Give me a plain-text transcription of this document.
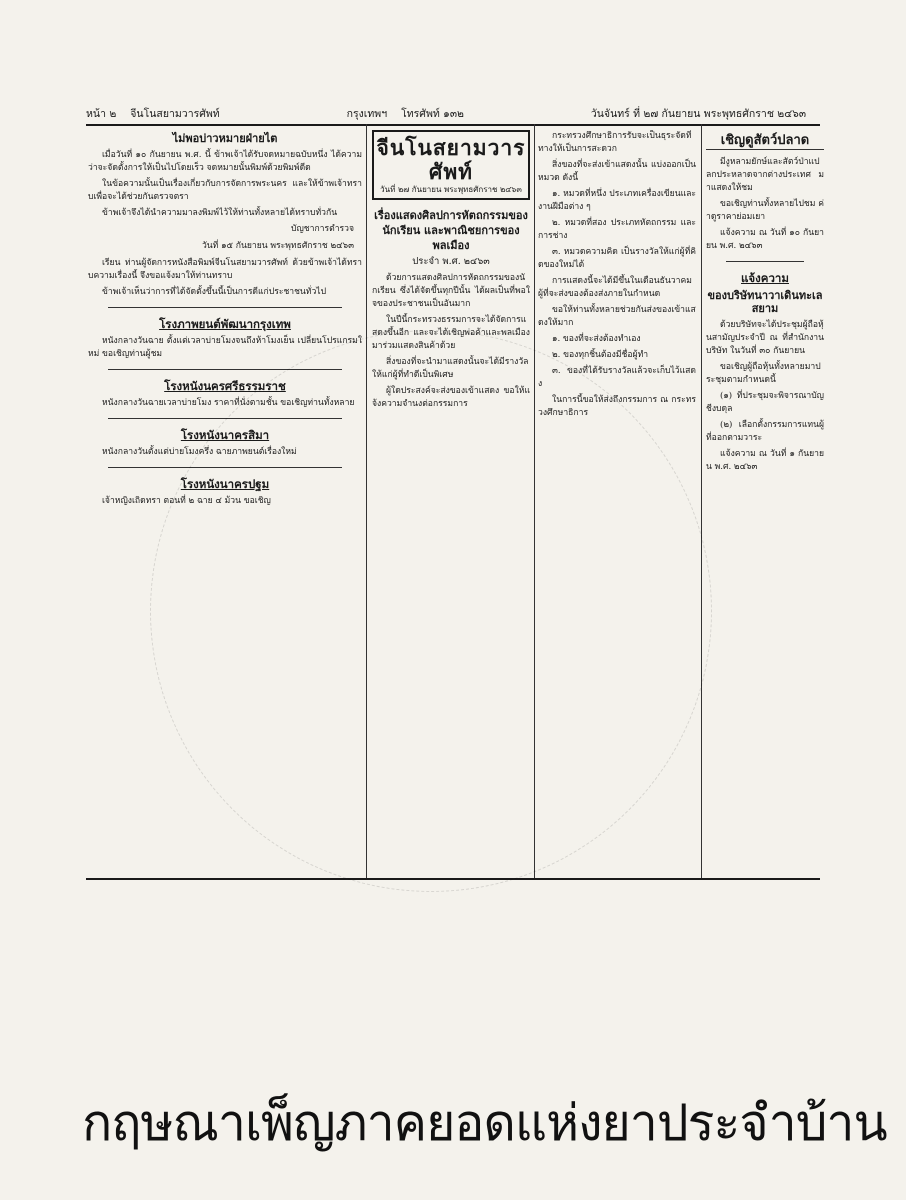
หน้า ๒ จีนโนสยามวารศัพท์	กรุงเทพฯ โทรศัพท์ ๑๓๒	วันจันทร์ ที่ ๒๗ กันยายน พระพุทธศักราช ๒๔๖๓
ไม่พอบ่าวหมายฝ่ายไต

เมื่อวันที่ ๑๐ กันยายน พ.ศ. นี้ ข้าพเจ้าได้รับจดหมายฉบับหนึ่ง ได้ความว่าจะจัดตั้งการให้เป็นไปโดยเร็ว จดหมายนั้นพิมพ์ด้วยพิมพ์ดีด

ในข้อความนั้นเป็นเรื่องเกี่ยวกับการจัดการพระนคร และให้ข้าพเจ้าทราบเพื่อจะได้ช่วยกันตรวจตรา

ข้าพเจ้าจึงได้นำความมาลงพิมพ์ไว้ให้ท่านทั้งหลายได้ทราบทั่วกัน

บัญชาการตำรวจ
วันที่ ๑๕ กันยายน พระพุทธศักราช ๒๔๖๓

เรียน ท่านผู้จัดการหนังสือพิมพ์จีนโนสยามวารศัพท์ ด้วยข้าพเจ้าได้ทราบความเรื่องนี้ จึงขอแจ้งมาให้ท่านทราบ

ข้าพเจ้าเห็นว่าการที่ได้จัดตั้งขึ้นนี้เป็นการดีแก่ประชาชนทั่วไป

โรงภาพยนต์พัฒนากรุงเทพ

หนังกลางวันฉาย ตั้งแต่เวลาบ่ายโมงจนถึงห้าโมงเย็น เปลี่ยนโปรแกรมใหม่ ขอเชิญท่านผู้ชม

โรงหนังนครศรีธรรมราช

หนังกลางวันฉายเวลาบ่ายโมง ราคาที่นั่งตามชั้น ขอเชิญท่านทั้งหลาย

โรงหนังนาครสิมา

หนังกลางวันตั้งแต่บ่ายโมงครึ่ง ฉายภาพยนต์เรื่องใหม่

โรงหนังนาครปฐม

เจ้าหญิงเถิดทรา ตอนที่ ๒ ฉาย ๔ ม้วน ขอเชิญ

จีนโนสยามวารศัพท์
วันที่ ๒๗ กันยายน พระพุทธศักราช ๒๔๖๓
เรื่องแสดงศิลปการหัตถกรรมของนักเรียน และพาณิชยการของพลเมือง
ประจำ พ.ศ. ๒๔๖๓

ด้วยการแสดงศิลปการหัตถกรรมของนักเรียน ซึ่งได้จัดขึ้นทุกปีนั้น ได้ผลเป็นที่พอใจของประชาชนเป็นอันมาก

ในปีนี้กระทรวงธรรมการจะได้จัดการแสดงขึ้นอีก และจะได้เชิญพ่อค้าและพลเมืองมาร่วมแสดงสินค้าด้วย

สิ่งของที่จะนำมาแสดงนั้นจะได้มีรางวัลให้แก่ผู้ที่ทำดีเป็นพิเศษ

ผู้ใดประสงค์จะส่งของเข้าแสดง ขอให้แจ้งความจำนงต่อกรรมการ

กระทรวงศึกษาธิการรับจะเป็นธุระจัดที่ทางให้เป็นการสะดวก

สิ่งของที่จะส่งเข้าแสดงนั้น แบ่งออกเป็นหมวด ดังนี้

๑. หมวดที่หนึ่ง ประเภทเครื่องเขียนและงานฝีมือต่าง ๆ

๒. หมวดที่สอง ประเภทหัตถกรรม และการช่าง

๓. หมวดความคิด เป็นรางวัลให้แก่ผู้ที่คิดของใหม่ได้

การแสดงนี้จะได้มีขึ้นในเดือนธันวาคม ผู้ที่จะส่งของต้องส่งภายในกำหนด

ขอให้ท่านทั้งหลายช่วยกันส่งของเข้าแสดงให้มาก

๑. ของที่จะส่งต้องทำเอง

๒. ของทุกชิ้นต้องมีชื่อผู้ทำ

๓. ของที่ได้รับรางวัลแล้วจะเก็บไว้แสดง

ในการนี้ขอให้ส่งถึงกรรมการ ณ กระทรวงศึกษาธิการ

เชิญดูสัตว์ปลาด

มีงูหลามยักษ์และสัตว์ป่าแปลกประหลาดจากต่างประเทศ มาแสดงให้ชม

ขอเชิญท่านทั้งหลายไปชม ค่าดูราคาย่อมเยา

แจ้งความ ณ วันที่ ๑๐ กันยายน พ.ศ. ๒๔๖๓

แจ้งความ
ของบริษัทนาวาเดินทะเลสยาม

ด้วยบริษัทจะได้ประชุมผู้ถือหุ้นสามัญประจำปี ณ ที่สำนักงานบริษัท ในวันที่ ๓๐ กันยายน

ขอเชิญผู้ถือหุ้นทั้งหลายมาประชุมตามกำหนดนี้

(๑) ที่ประชุมจะพิจารณาบัญชีงบดุล

(๒) เลือกตั้งกรรมการแทนผู้ที่ออกตามวาระ

แจ้งความ ณ วันที่ ๑ กันยายน พ.ศ. ๒๔๖๓

กฤษณาเพ็ญภาคยอดแห่งยาประจำบ้าน
